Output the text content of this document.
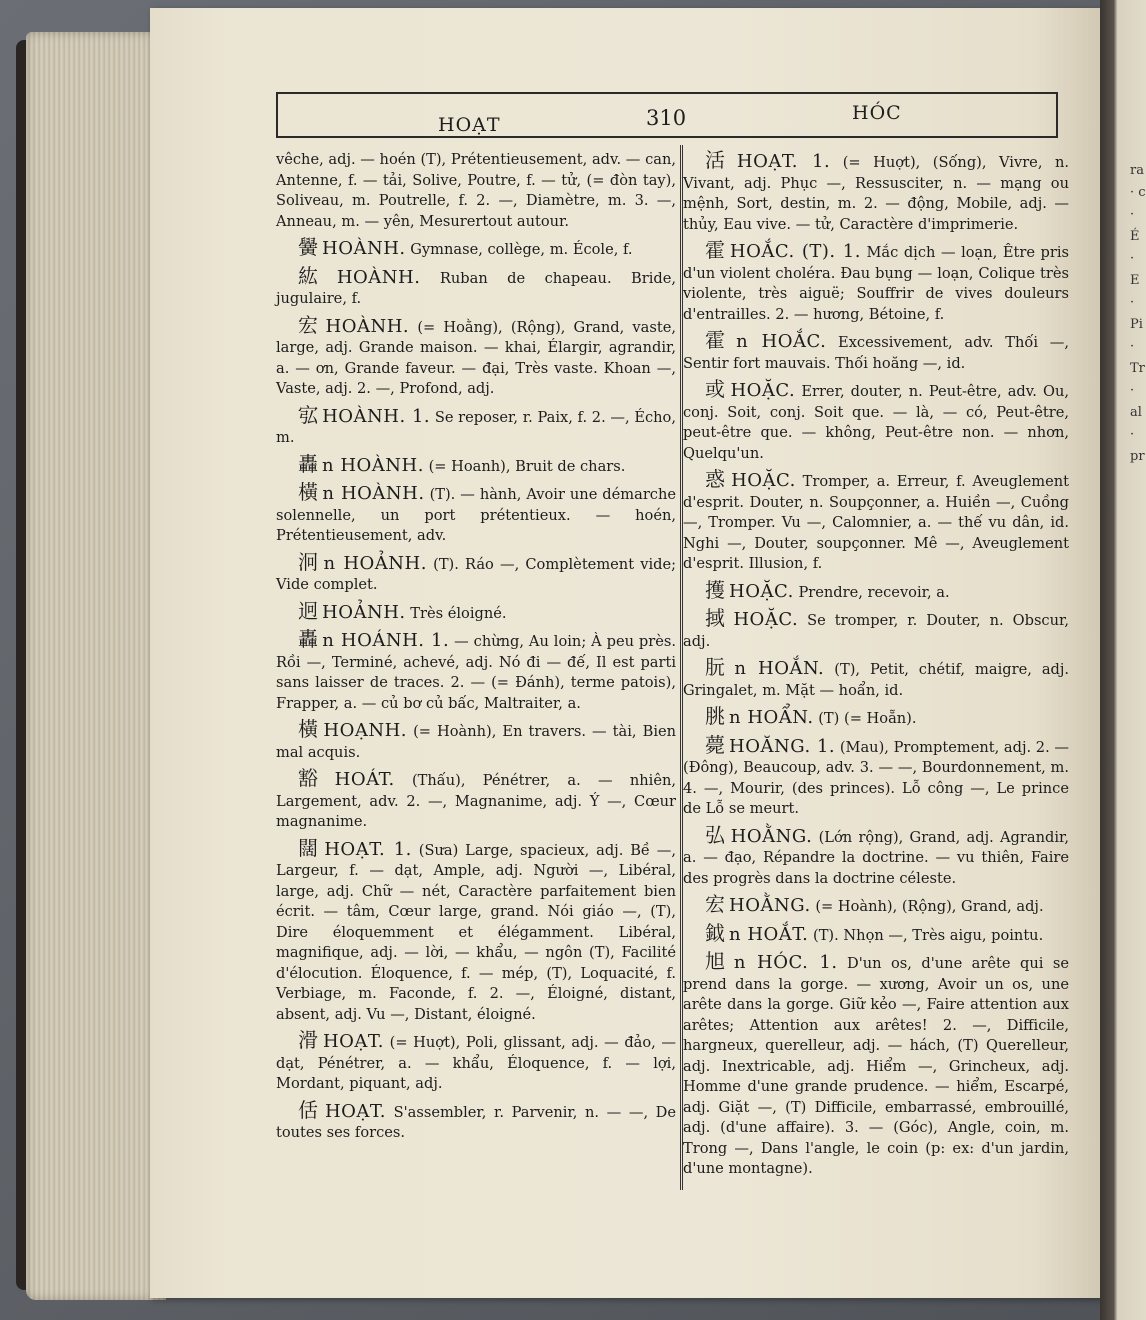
ra · c · É · E · Pi · Tr · al · pr
HOẠT	310	HÓC

vêche, adj. — hoén (T), Prétentieusement, adv. — can, Antenne, f. — tải, Solive, Poutre, f. — tử, (= đòn tay), Soliveau, m. Poutrelle, f. 2. —, Diamètre, m. 3. —, Anneau, m. — yên, Mesurertout autour.

黌 HOÀNH. Gymnase, collège, m. École, f.

紘 HOÀNH. Ruban de chapeau. Bride, jugulaire, f.

宏 HOÀNH. (= Hoằng), (Rộng), Grand, vaste, large, adj. Grande maison. — khai, Élargir, agrandir, a. — ơn, Grande faveur. — đại, Très vaste. Khoan —, Vaste, adj. 2. —, Profond, adj.

宖 HOÀNH. 1. Se reposer, r. Paix, f. 2. —, Écho, m.

轟 n HOÀNH. (= Hoanh), Bruit de chars.

橫 n HOÀNH. (T). — hành, Avoir une démarche solennelle, un port prétentieux. — hoén, Prétentieusement, adv.

泂 n HOẢNH. (T). Ráo —, Complètement vide; Vide complet.

迥 HOẢNH. Très éloigné.

轟 n HOÁNH. 1. — chừng, Au loin; À peu près. Rồi —, Terminé, achevé, adj. Nó đi — đế, Il est parti sans laisser de traces. 2. — (= Đánh), terme patois), Frapper, a. — củ bơ củ bấc, Maltraiter, a.

橫 HOẠNH. (= Hoành), En travers. — tài, Bien mal acquis.

豁 HOÁT. (Thấu), Pénétrer, a. — nhiên, Largement, adv. 2. —, Magnanime, adj. Ý —, Cœur magnanime.

闊 HOẠT. 1. (Sưa) Large, spacieux, adj. Bề —, Largeur, f. — dạt, Ample, adj. Người —, Libéral, large, adj. Chữ — nét, Caractère parfaitement bien écrit. — tâm, Cœur large, grand. Nói giáo —, (T), Dire éloquemment et élégamment. Libéral, magnifique, adj. — lời, — khẩu, — ngôn (T), Facilité d'élocution. Éloquence, f. — mép, (T), Loquacité, f. Verbiage, m. Faconde, f. 2. —, Éloigné, distant, absent, adj. Vu —, Distant, éloigné.

滑 HOẠT. (= Huợt), Poli, glissant, adj. — đảo, — dạt, Pénétrer, a. — khẩu, Éloquence, f. — lợi, Mordant, piquant, adj.

佸 HOẠT. S'assembler, r. Parvenir, n. — —, De toutes ses forces.

活 HOẠT. 1. (= Huợt), (Sống), Vivre, n. Vivant, adj. Phục —, Ressusciter, n. — mạng ou mệnh, Sort, destin, m. 2. — động, Mobile, adj. — thủy, Eau vive. — tử, Caractère d'imprimerie.

霍 HOẮC. (T). 1. Mắc dịch — loạn, Être pris d'un violent choléra. Đau bụng — loạn, Colique très violente, très aiguë; Souffrir de vives douleurs d'entrailles. 2. — hương, Bétoine, f.

霍 n HOẮC. Excessivement, adv. Thối —, Sentir fort mauvais. Thối hoăng —, id.

或 HOẶC. Errer, douter, n. Peut-être, adv. Ou, conj. Soit, conj. Soit que. — là, — có, Peut-être, peut-être que. — không, Peut-être non. — nhơn, Quelqu'un.

惑 HOẶC. Tromper, a. Erreur, f. Aveuglement d'esprit. Douter, n. Soupçonner, a. Huiền —, Cuồng —, Tromper. Vu —, Calomnier, a. — thế vu dân, id. Nghi —, Douter, soupçonner. Mê —, Aveuglement d'esprit. Illusion, f.

擭 HOẶC. Prendre, recevoir, a.

掝 HOẶC. Se tromper, r. Douter, n. Obscur, adj.

朊 n HOẮN. (T), Petit, chétif, maigre, adj. Gringalet, m. Mặt — hoẩn, id.

朓 n HOẨN. (T) (= Hoẵn).

薨 HOĂNG. 1. (Mau), Promptement, adj. 2. — (Đông), Beaucoup, adv. 3. — —, Bourdonnement, m. 4. —, Mourir, (des princes). Lỗ công —, Le prince de Lỗ se meurt.

弘 HOẰNG. (Lớn rộng), Grand, adj. Agrandir, a. — đạo, Répandre la doctrine. — vu thiên, Faire des progrès dans la doctrine céleste.

宏 HOẰNG. (= Hoành), (Rộng), Grand, adj.

鉞 n HOẮT. (T). Nhọn —, Très aigu, pointu.

旭 n HÓC. 1. D'un os, d'une arête qui se prend dans la gorge. — xương, Avoir un os, une arête dans la gorge. Giữ kẻo —, Faire attention aux arêtes; Attention aux arêtes! 2. —, Difficile, hargneux, querelleur, adj. — hách, (T) Querelleur, adj. Inextricable, adj. Hiểm —, Grincheux, adj. Homme d'une grande prudence. — hiểm, Escarpé, adj. Giặt —, (T) Difficile, embarrassé, embrouillé, adj. (d'une affaire). 3. — (Góc), Angle, coin, m. Trong —, Dans l'angle, le coin (p: ex: d'un jardin, d'une montagne).
